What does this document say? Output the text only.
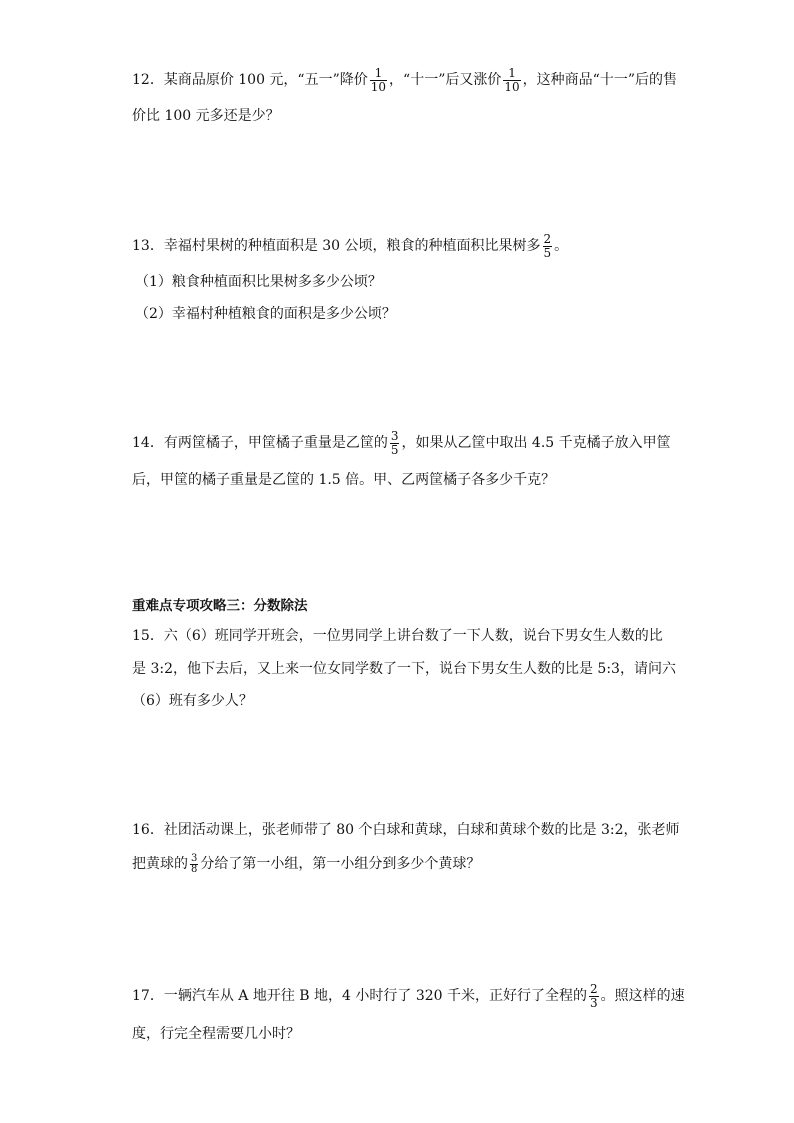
12．某商品原价 100 元，“五一”降价 $\frac{1}{10}$ ，“十一”后又涨价 $\frac{1}{10}$ ，这种商品“十一”后的售
价比 100 元多还是少？
13．幸福村果树的种植面积是 30 公顷，粮食的种植面积比果树多 $\frac{2}{5}$ 。
（1）粮食种植面积比果树多多少公顷？
（2）幸福村种植粮食的面积是多少公顷？
14．有两筐橘子，甲筐橘子重量是乙筐的 $\frac{3}{5}$ ，如果从乙筐中取出 4.5 千克橘子放入甲筐
后，甲筐的橘子重量是乙筐的 1.5 倍。甲、乙两筐橘子各多少千克？
重难点专项攻略三：分数除法
15．六（6）班同学开班会，一位男同学上讲台数了一下人数，说台下男女生人数的比
是 3:2，他下去后，又上来一位女同学数了一下，说台下男女生人数的比是 5:3，请问六
（6）班有多少人？
16．社团活动课上，张老师带了 80 个白球和黄球，白球和黄球个数的比是 3:2，张老师
把黄球的 $\frac{3}{8}$ 分给了第一小组，第一小组分到多少个黄球？
17．一辆汽车从 A 地开往 B 地，4 小时行了 320 千米，正好行了全程的 $\frac{2}{3}$ 。照这样的速
度，行完全程需要几小时？
